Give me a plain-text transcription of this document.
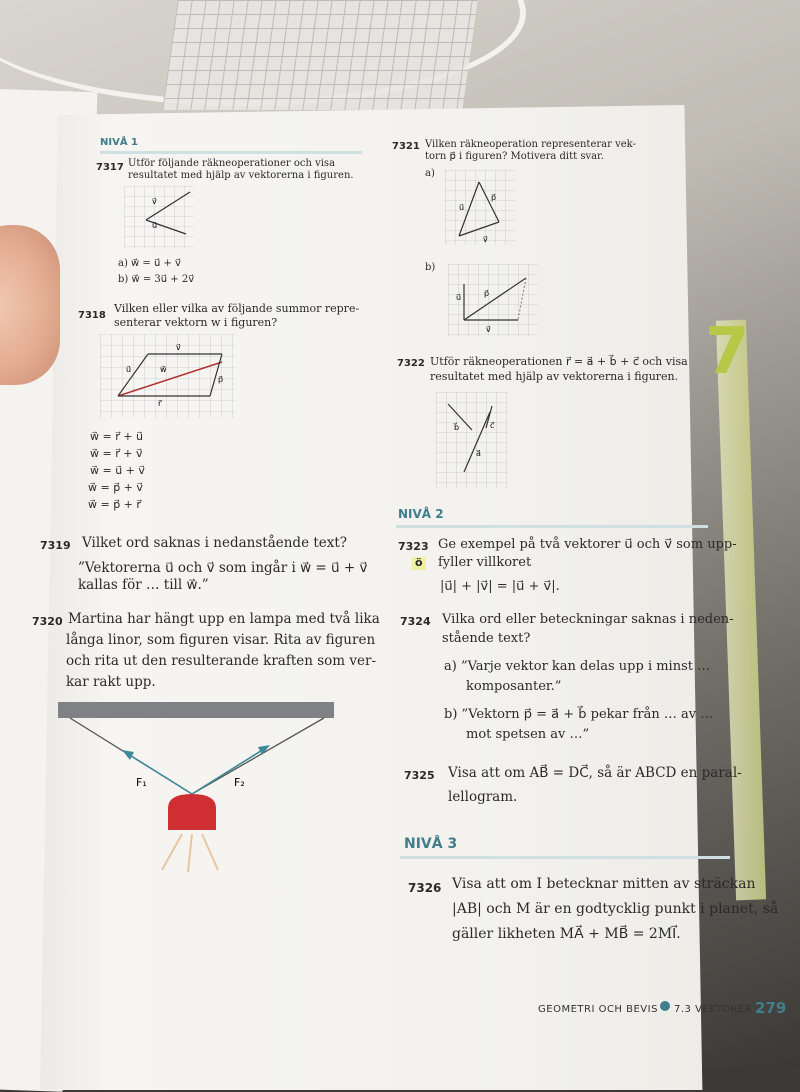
7
NIVÅ 1
7317 Utför följande räkneoperationer och visa
resultatet med hjälp av vektorerna i figuren.
v⃗
u⃗
a) w⃗ = u⃗ + v⃗
b) w⃗ = 3u⃗ + 2v⃗
7318
Vilken eller vilka av följande summor repre-
senterar vektorn w i figuren?
v⃗
u⃗	w⃗
p⃗
r⃗
w⃗ = r⃗ + u⃗
w⃗ = r⃗ + v⃗
w⃗ = u⃗ + v⃗
w⃗ = p⃗ + v⃗
w⃗ = p⃗ + r⃗
7319 Vilket ord saknas i nedanstående text?
”Vektorerna u⃗ och v⃗ som ingår i w⃗ = u⃗ + v⃗
kallas för … till w⃗.”
7320 Martina har hängt upp en lampa med två lika
långa linor, som figuren visar. Rita av figuren
och rita ut den resulterande kraften som ver-
kar rakt upp.
F₁	F₂
7321 Vilken räkneoperation representerar vek-
torn p⃗ i figuren? Motivera ditt svar.
a)
u⃗
p⃗
v⃗
b)
u⃗	p⃗
v⃗
7322 Utför räkneoperationen r⃗ = a⃗ + b⃗ + c⃗ och visa
resultatet med hjälp av vektorerna i figuren.
b⃗	c⃗
a⃗
NIVÅ 2
7323
ö
Ge exempel på två vektorer u⃗ och v⃗ som upp-
fyller villkoret
|u⃗| + |v⃗| = |u⃗ + v⃗|.
7324 Vilka ord eller beteckningar saknas i neden-
stående text?
a) ”Varje vektor kan delas upp i minst …
komposanter.”
b) ”Vektorn p⃗ = a⃗ + b⃗ pekar från … av …
mot spetsen av …”
7325 Visa att om AB⃗ = DC⃗, så är ABCD en paral-
lellogram.
NIVÅ 3
7326 Visa att om I betecknar mitten av sträckan
|AB| och M är en godtycklig punkt i planet, så
gäller likheten MA⃗ + MB⃗ = 2MI⃗.
GEOMETRI OCH BEVIS 7.3 VEKTORER 279
